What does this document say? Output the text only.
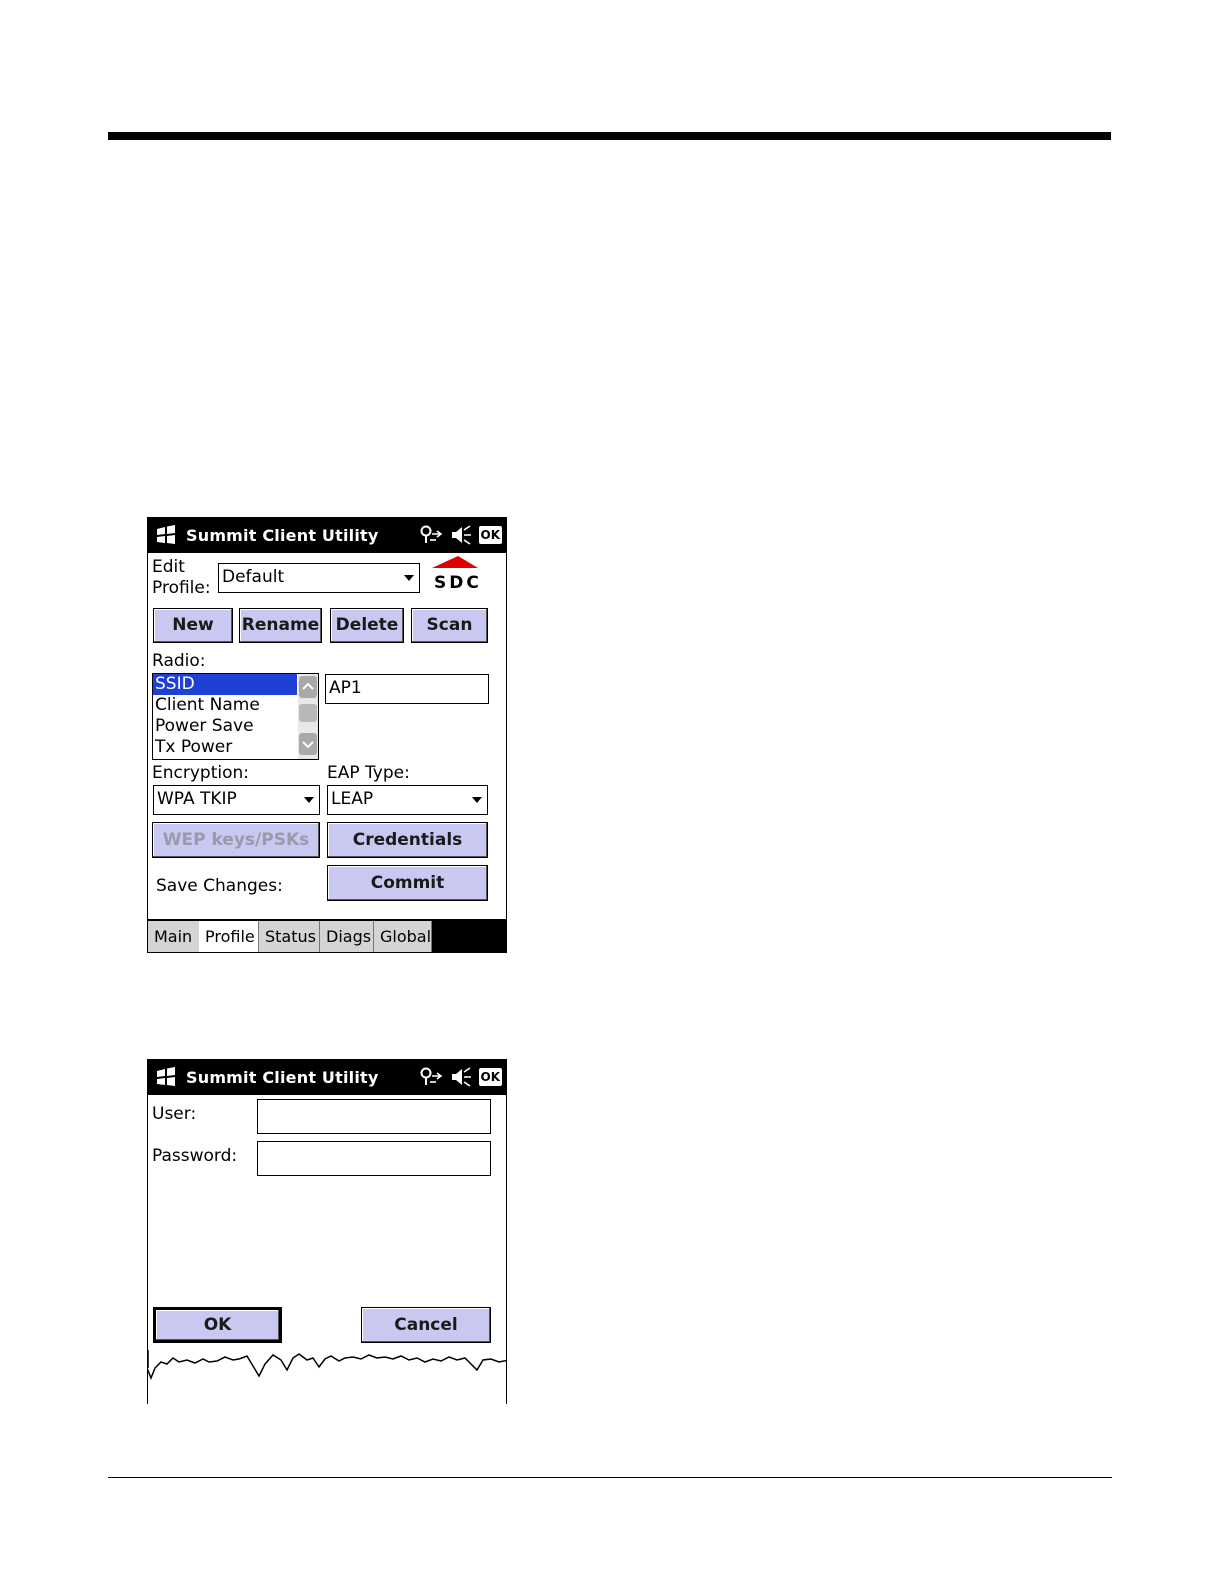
Summit Client Utility	OK
Edit
Profile:
Default	SDC
New	Rename Delete	Scan
Radio:
SSID
Client Name
Power Save
Tx Power
AP1
Encryption:	EAP Type:
WPA TKIP	LEAP
WEP keys/PSKs	Credentials
Save Changes:	Commit
Main Profile Status Diags Global
Summit Client Utility	OK
User:
Password:
OK	Cancel
